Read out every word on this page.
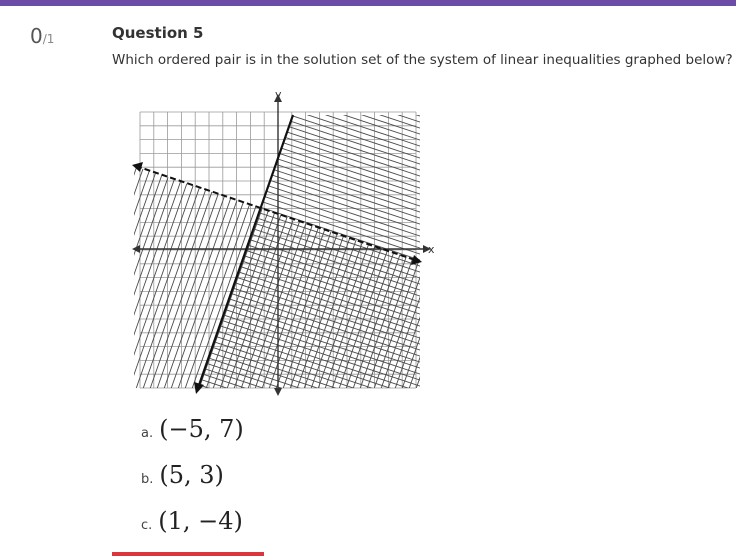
0/1	Question 5
Which ordered pair is in the solution set of the system of linear inequalities graphed below?
x
y
a. (−5, 7)
b. (5, 3)
c. (1, −4)
